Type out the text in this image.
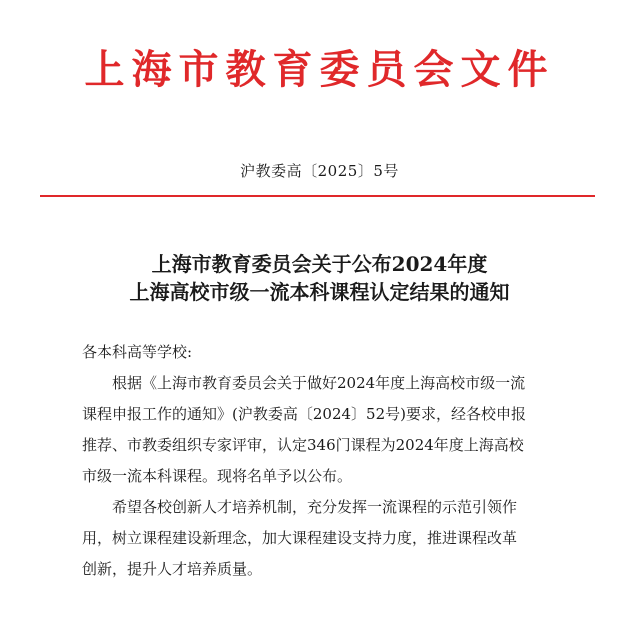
上海市教育委员会文件
沪教委高〔2025〕5号
上海市教育委员会关于公布2024年度
上海高校市级一流本科课程认定结果的通知
各本科高等学校:
根据《上海市教育委员会关于做好2024年度上海高校市级一流
课程申报工作的通知》(沪教委高〔2024〕52号)要求，经各校申报
推荐、市教委组织专家评审，认定346门课程为2024年度上海高校
市级一流本科课程。现将名单予以公布。
希望各校创新人才培养机制，充分发挥一流课程的示范引领作
用，树立课程建设新理念，加大课程建设支持力度，推进课程改革
创新，提升人才培养质量。
